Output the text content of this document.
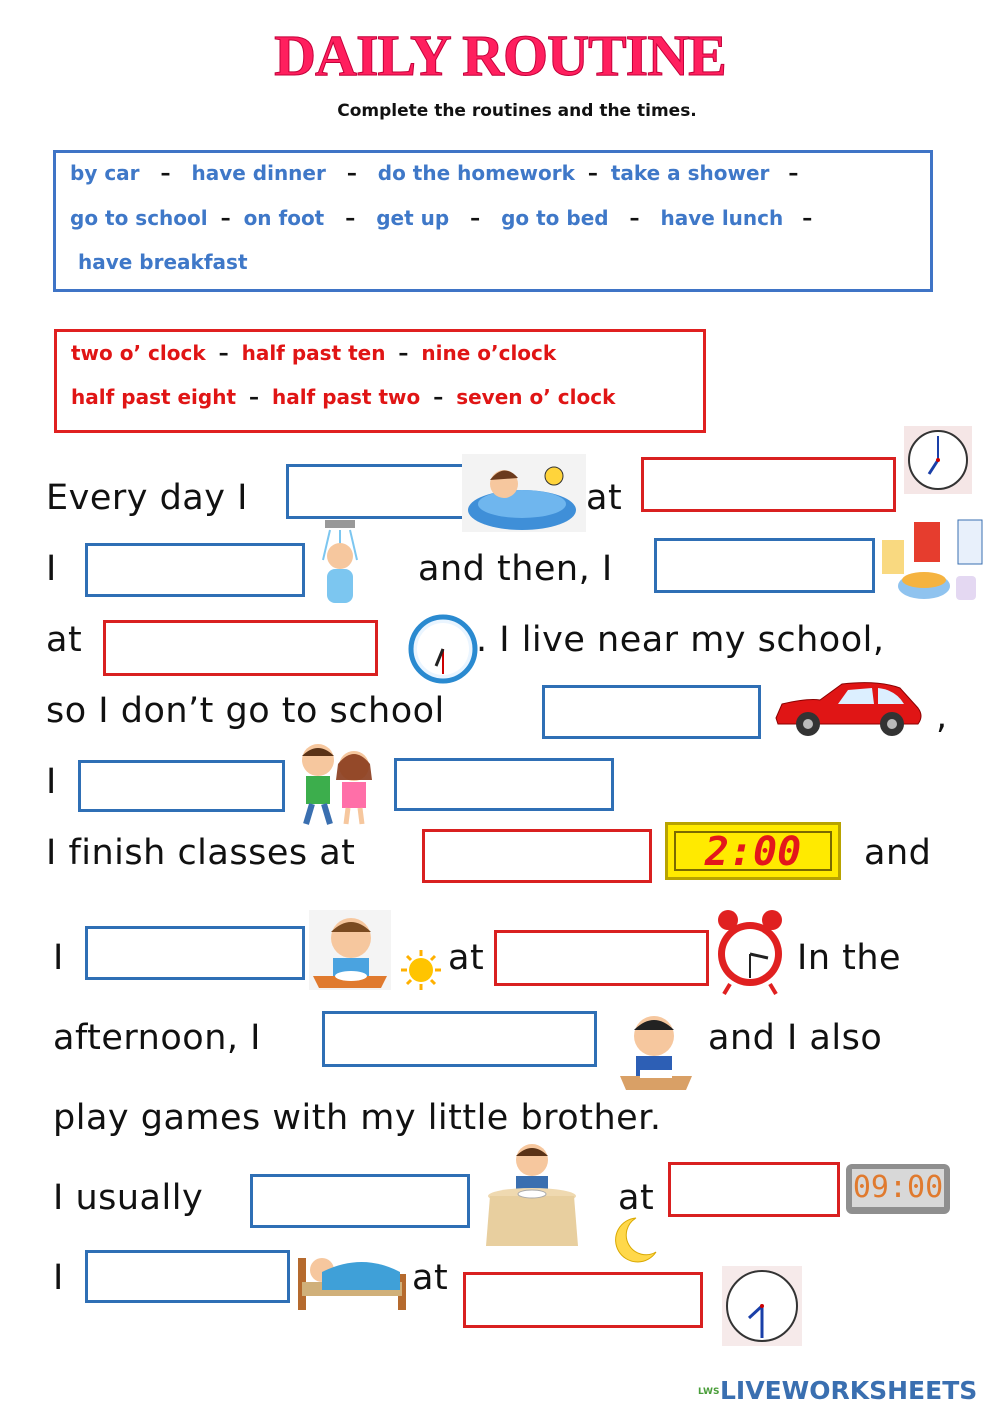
DAILY ROUTINE
Complete the routines and the times.
by car – have dinner – do the homework – take a shower –
go to school – on foot – get up – go to bed – have lunch –
have breakfast
two o’ clock – half past ten – nine o’clock
half past eight – half past two – seven o’ clock
Every day I	at
I	and then, I
at	. I live near my school,
so I don’t go to school	,
I
I finish classes at	2:00	and
I	at	In the
afternoon, I	and I also
play games with my little brother.
I usually	at	09:00
I	at
LWSLIVEWORKSHEETS
